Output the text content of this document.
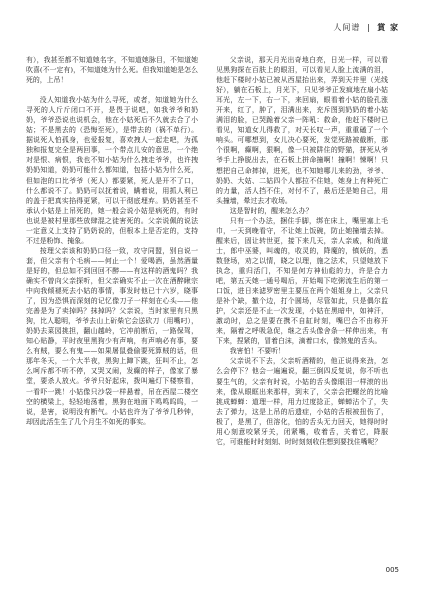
人间谱 | 賞 家

有），我甚至都不知道她名字，不知道她脉目，不知道她吹喜(不一定有)，不知道她为什么死。但我知道她是怎么死的，上吊！

没人知道我小姑为什么寻死，或者，知道她为什么寻死的人斤斤闭口不开，是畏于说吧，如我爷爷和奶奶，爷爷恐说也说机会，他在小姑死后不久就去合了小姑；不是黑去的（恐悔至死），是带去的（祸不单行）。据说死人怕孤身，也爱报复，喜欢拽人一起走吧，为孤独和报复完全是两回事，一个带点儿安的意思，一个绝对是恨、病恨，我也不知小姑为什么拽走爷爷，也许拽奶奶知道，奶奶可能什么都知道，包括小姑为什么死，但如泡的口比爷爷（死人）都要紧，死人是开不了口，什么都说不了。奶奶可以抚着说，瞒着说，用抓人利已的盖于把真实掐得更紧，可以干彻底埋弃。奶奶甚至不承认小姑是上吊死的，她一般会说小姑是病死的，有时也说是被村里那些放肆混之徒害死的。父亲说佩的说法一定意义上支持了奶奶说的，但根本上是否定的，支持不过是粉饰、掩象。

按理父亲该和奶奶口径一致，攻守同盟，别自说一套，但父亲有个毛病——何止一个！爱喝酒，虽然酒量是好的，但总如不到回回不醉——有这样的酒鬼吗？我确实不曾向父亲探听，但父亲确实不止一次在酒醉瞅宗中向我倾褪死去小姑的事情，事发时他已十六岁，晓事了，因为恐惧而深刻的记忆像刀子一样刻在心头——他完善是为了卖掉吗？抹掉吗？父亲说，当时家里有只黑狗，比人聪明，爷爷去山上斫柴它会送砍刀（用嘴叼），奶奶去菜园挑担，翻山越岭，它冲前断后，一路保驾，知心贴静，平时夜里黑狗少有声响，有声响必有事，要么有贼，要么有鬼——如果屠鼠叠偷要死算贼的话，但那年冬天，一个大半夜，黑狗上蹿下跳，狂叫不止，怎么呵斥都不听不停，又哭又闹，发癫的样子，像家了暴堂，要杀人放火。爷爷只好起床，拨叫遍灯下楼察看，一看吓一跳！小姑像只沙袋一样悬着，吊在西屋二楼空空的横梁上，轻轻地荡着，黑狗在地面下鸣鸣呜呜，一说，是害，说明没有断气。小姑也许为了爷爷几秒钟，却因此活生生了几个月生不如死的事实。

父亲说，那天月光出奇地白亮，日光一样，可以看见黑狗探在百肤上的眼泪，可以看见人脸上流满的泪，他赶下楼时小姑已被从西屋抬出来，弄到天井里（光线好），躺在石板上，月光下，只见爷爷正发疯地在扇小姑耳光，左一下，右一下，来回扇，眼看着小姑的脸孔涨开来，红了，肿了，泪满出来，充斥图到奶奶的着小姑满泪的脸，已哭跪着父亲一阵吼：救命，他赶下楼时已看见，知道女儿得救了，对天长叹一声，重重磕了一个响头。可哪想到，女儿决心要死，发觉死路被截断，那个很啊，癫啊，狠啊，像一只被阱住的野猫，拼死从爷爷手上挣脱出去，在石板上拼命撞啊！撞啊！悚啊！只想把自己命摔掉，进死，也不知她哪儿来的劲，爷爷、奶奶、大姑、二姑四个人都拉不住她，她身上有种死亡的力量，活人挡不住，对付不了，最后还是她自己，用头撞墙，晕过去才收场。

这是智时的，醒来怎么办？

只有一个办法，捆住手脚，绑在床上，嘴里塞上毛巾，一天到晚看守，不让她上饭碗，防止她撞墙去掉。醒来后，固让转世更，接下来几天，亲人亲戚，和尚道士，郎中巫婆，叫魂的，收灵的，降魔的，镇妖的，悉数登场，劝之以情，晓之以理，施之法术，只望她放下执念，重归活门，不知是何方神仙彪的力，许是合力吧，第五天她一通号喝后，开始喝下吃粥流生后的第一口饭，进日来滤罗密里主要压在两个姐姐身上，父亲只是补个缺，撤个边，打个圆场，尽管如此，只是偶尔监护，父亲还是不止一次发现，小姑在黑暗中，如神汗，激动时，总之是要在携不自缸时刻，嘴巴合不由称开来，隔着之呼吸急促，继之舌头像舍条一样伸出来，有下来，捏紧的，冒着白沫，滴着口水，像煞鬼的舌头。

我害怕！不要听！

父亲说不下去，父亲听酒精的，他正说得来劲，怎么会停下？他会一遍遍说，翻三倒四反复说，你不听也要生气的，父亲有时说，小姑的舌头像眼泪一样滚的出来，像从眼眶出来那样，到末了，父亲会把螺丝的比喻挑成蝉蝉：道理一样，用力过度捻正，蝉蝉沾个了，失去了弹力，这是上吊的后遗症，小姑的舌根被扭伤了，极了，是黑了，但溶化，怕的舌头无力回天，她得时时用心刻意咬紧牙关，闭紧嘴，收着舌，关着它，降服它，可谁能时时刻刻、时时刻刻收住想到要找住嘴呢？

005
